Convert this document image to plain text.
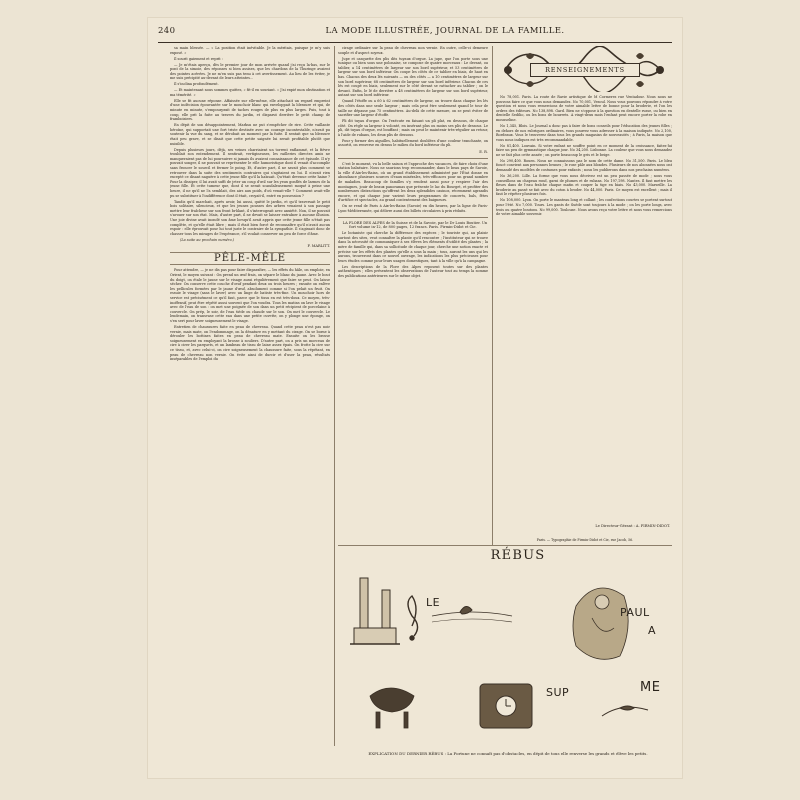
240	LA MODE ILLUSTRÉE, JOURNAL DE LA FAMILLE.

sa main blessée. — « La position était inévitable. Je la méritais, puisque je m'y suis exposé. »

Il sourit gaiement et reprit :

— Je m'étais aperçu, dès le premier jour de mon arrivée quand j'ai reçu la-bas, sur le pont de la simoie, des réponses si bien assises, que les chardons de la Thuringe avaient des pointes acérées. Je ne m'en suis pas tenu à cet avertissement. Au lieu de les éviter, je me suis précipité au-devant de leurs atteintes…

Il s'inclina profondément.

— Et maintenant nous sommes quittes, » fit-il en souriant. « J'ai expié mon obstination et ma témérité. »

Elle se fit aucune réponse. Affaissée sur elle-même, elle attachait un regard empreint d'une indécision épouvantée sur le mouchoir blanc qui enveloppait la blessure et qui, de minute en minute, s'empourprait de taches rouges de plus en plus larges. Puis, tout à coup, elle prit la fuite au travers du jardin, et disparut derrière le petit champ de framboisiers.

En dépit de son désappointement, Markus ne put s'empêcher de rire. Cette vaillante héroïne, qui supportait une fort triste destinée avec un courage incontestable, n'avait pu soutenir la vue du sang, et se dérobait au moment par la fuite. Il sentait que sa blessure était peu grave, et se disait que cette petite saignée lui serait profitable plutôt que nuisible.

Depuis plusieurs jours, déjà, ses veines charriaient un torrent enflammé, et la fièvre troublait son entendement. Il sentirait, vertigineuses, les railleries directes amis ne manqueraient pas de lui poursuivre si jamais ils avaient connaissance de cet épisode. Il n'y pouvait songer, il ne pouvait se représenter le rôle humoristique dont il venait d'accomplir sans froncer le sourcil et fermer le poing. Et, d'autre part, il ne savait plus comment se retrouver dans la suite des sentiments contraires qui s'agitaient en lui. Il n'avait rien excepté ce disant naguère à cette jeune fille qu'il la haïssait. Qu'était devenue cette haine ? Pour la dissiper, il lui avait suffi de jeter un coup d'œil sur les yeux gonflés de larmes de la jeune fille. Et cette tumeur que, dont il se serait scandaleusement moqué à peine une heure, il ne qu'il ne l'a semblait, des airs aux poids, d'où venait-elle ? Comment avait-elle pu se substituer à l'indifférence dont il était, croyait-il, entré en possession ?

Tandis qu'il marchait, après avoir, lui aussi, quitté le jardin, et qu'il traversait le petit bois solitaire, silencieux, et que les jeunes pousses des arbres venaient à son passage mettre leur fraîcheur sur son front brûlant, il s'interrogeait avec anxiété. Non, il ne pouvait s'avouer sur son état. Mais, d'autre part, il ne devait se laisser entraîner à aucune illusion. Une joie divine avait inondé son âme lorsqu'il avait appris que cette jeune fille n'était pas complète, et qu'elle était libre ; mais il était bien forcé de reconnaître qu'il n'avait aucun espoir : elle éprouvait pour lui tout juste le contraire de la sympathie. Il s'agissait donc de chasser tous les mirages de l'espérance, s'il voulait conserver un peu de force d'âme.

(La suite au prochain numéro.)

F. MARLITT.
PÊLE-MÊLE

Pour attendre, — je ne dis pas pour faire disparaître, — les effets du hâle, on emploie, en Orient, le moyen suivant : On prend un œuf frais, on sépare le blanc du jaune. Avec le bout du doigt, on étale le jaune sur le visage aussi régulièrement que faire se peut. On laisse sécher. On conserve cette couche d'œuf pendant deux ou trois heures ; ensuite on enlève les pellicules formées par le jaune d'œuf, absolument comme si l'on pelait un fruit. On essuie le visage (sans le laver) avec un linge de batiste très-fine. Un mouchoir hors de service est précisément ce qu'il faut, parce que le tissu en est très-doux. Ce moyen, très-inoffensif, peut être répété aussi souvent que l'on voudra. Tous les matins on lave le visage avec de l'eau de son : on met une poignée de son dans un petit récipient de porcelaine à couvercle. On prép, le soir, de l'eau tiède ou chaude sur le son. On met le couvercle. Le lendemain, on transvase cette eau dans une petite cuvette, on y plonge une éponge, on s'en sert pour laver soigneusement le visage.

Entretien de chaussures faite en peau de chevreau. Quand cette peau n'est pas noir vernie, mais mate, on l'endommage, on la dénature en y mettant du cirage. On se borne à dérouler les bottines faites en peau de chevreau mate. Ensuite on les brosse soigneusement en employant la brosse à souliers. D'autre part, on a pris un morceau de cire à cirer les parquets, et un lambeau de tissu de laine assez épais. On frotte la cire sur ce tissu, et, avec celui-ci, on cire soigneusement la chaussure faite, sous la répétant, en peau de chevreau non vernie. On évite ainsi de durcir et d'user la peau, résultats inséparables de l'emploi du

cirage ordinaire sur la peau de chevreau non vernie. En outre, celle-ci demeure souple et d'aspect soyeux.

Jupe et casquette des plis dits tuyaux d'orgue. La jupe, que l'on porte sous une tunique ou bien sous une polonaise, se compose de quatre morceaux : Le devant, ou tablier, a 14 centimètres de largeur sur son bord supérieur, et 53 centimètres de largeur sur son bord inférieur. On coupe les côtés de ce tablier en biais, de haut en bas. Chacun des deux lés suivants — ou des côtés — a 10 centimètres de largeur sur son bord supérieur, 68 centimètres de largeur sur son bord inférieur. Chacun de ces lés est coupé en biais, seulement sur le côté devant se rattacher au tablier ; on le devant. Enfin, le lé de derrière a 48 centimètres de largeur sur son bord supérieur, autant sur son bord inférieur.

Quand l'étoffe ou a 60 à 62 centimètres de largeur, on trouve dans chaque les lés des côtés dans une seule largeur ; mais cela peut être seulement quand le tour de taille ne dépasse pas 75 centimètres. Au-delà de cette mesure, on se peut éviter de sacrifier une largeur d'étoffe.

Pli dit tuyau d'orgue. On l'exécute en faisant un pli plat, en dessous, de chaque côté. On règle sa largeur à volonté, en insérant plus ou moins ses plis de dessous. Le pli, dit tuyau d'orgue, est bouffant ; mais on peut le maintenir très-régulier au retour, à l'aide de rubans, les deux plis de dessous.

Pour y former des aiguilles, habituellement doublées d'une couleur tranchante, on assortit, on renverse en dessus le milieu du bord inférieur du pli.

E. R.

C'est le moment, vu la belle saison et l'approche des vacances, de faire choix d'une station balnéaire. Nous ne saurions trop recommander, dans le beau pays de Savoie, la ville d'Aix-les-Bains, où un grand établissement administré par l'État donne en abondance plusieurs sources d'eaux minérales, très-efficaces pour un grand nombre de maladies. Beaucoup de familles s'y rendent aussi pour y respirer l'air des montagnes, jouir de beaux panoramas que présente le lac du Bourget, et profiter des nombreuses distractions qu'offrent les deux splendides casinos, récemment agrandis encore, et qui chaque jour varient leurs programmes de concerts, bals, fêtes d'artifice et spectacles, au grand contentement des baigneurs.

On se rend de Paris à Aix-les-Bains (Savoie) en dix heures, par la ligne de Paris-Lyon-Méditerranée, qui délivre aussi des billets circulaires à prix réduits.

LA FLORE DES ALPES de la Suisse et de la Savoie, par le Dr Louis Boutier. Un fort volume in-12, de 800 pages, 12 francs. Paris. Firmin-Didot et Cie.

Le botaniste qui cherche la différence des espèces ; le touriste qui, au plaisir surtout des sites, veut connaître la plante qu'il rencontre ; l'instituteur qui se trouve dans la nécessité de communiquer à ses élèves les éléments d'utilité des plantes ; la mère de famille qui, dans sa sollicitude de chaque jour, cherche une notion exacte et précise sur les effets des plantes qu'elle a sous la main ; tous, auront les uns qui les aurons, trouveront dans ce nouvel ouvrage, les indications les plus précieuses pour leurs études comme pour leurs usages domestiques, tant à la ville qu'à la campagne.

Les descriptions de la Flore des Alpes reposent toutes sur des plantes authentiques ; elles présentent les observations de l'auteur tout au temps la somme des publications antérieures sur le même objet.

RENSEIGNEMENTS

No 78,001. Paris. La route de Ravie artistique de M Cormeres rue Ventadour. Nous nous ne pouvons faire ce que vous nous demandez. No 70,001, Vesoul. Nous vous pouvons répondre à votre question et nous vous remercions de votre aimable lettre de bonne pour la broderie, et l'on les ordres des éditeurs. No 138,898. Gard. Bien ne s'oppose à la question en dentelle russe, ou bien en dentelle Sedilio, ou les bons de bourrets. A vingt-deux mois l'enfant peut encore porter la robe en mousseline.

No 1,345, Blois. Le Journal a donc pas à faire de bons conseils pour l'éducation des jeunes filles ; en dehors de nos rubriques ordinaires, vous pourrez vous adresser à la maison indiquée. No 2,100, Bordeaux. Vous le trouverez dans tous les grands magasins de nouveautés ; à Paris, la maison que vous nous indiquez est très recommandable.

No 81,400. Louvain. Si votre enfant ne souffre point en ce moment de la croissance, faites-lui faire un peu de gymnastique chaque jour. No 34,200. Lisbonne. La couleur que vous nous demandez ne se fait plus cette année ; on porte beaucoup le gris et le beige.

No 290,400. Rouen. Nous ne connaissons pas le nom de cette dame. No 31,500. Paris. Le bleu foncé convient aux personnes brunes ; le rose pâle aux blondes. Plusieurs de nos abonnées nous ont demandé des modèles de costumes pour enfants ; nous les publierons dans nos prochains numéros.

No 36,200. Lille. La forme que vous nous décrivez est un peu passée de mode ; nous vous conseillons un chapeau rond, garni de plumes et de rubans. No 197,198. Nantes. Il faut mettre les fleurs dans de l'eau fraîche chaque matin et couper la tige en biais. No 43,000. Marseille. La broderie au passé se fait avec du coton à broder. No 44,000. Paris. Ce moyen est excellent ; mais il faut le répéter plusieurs fois.

No 108,000. Lyon. On porte le manteau long et collant ; les confections courtes se portent surtout pour l'été. No 7,000. Tours. Les gants de Suède sont toujours à la mode ; on les porte longs, avec trois ou quatre boutons. No 99,000. Toulouse. Nous avons reçu votre lettre et nous vous remercions de votre aimable souvenir.

Le Directeur-Gérant : A. FIRMIN-DIDOT.
Paris. — Typographie de Firmin-Didot et Cie, rue Jacob, 56.
RÉBUS
LE
PAUL
A
SUP	ME
EXPLICATION DU DERNIER RÉBUS : La Fortune ne connaît pas d'obstacles, en dépit de tous elle renverse les grands et élève les petits.
